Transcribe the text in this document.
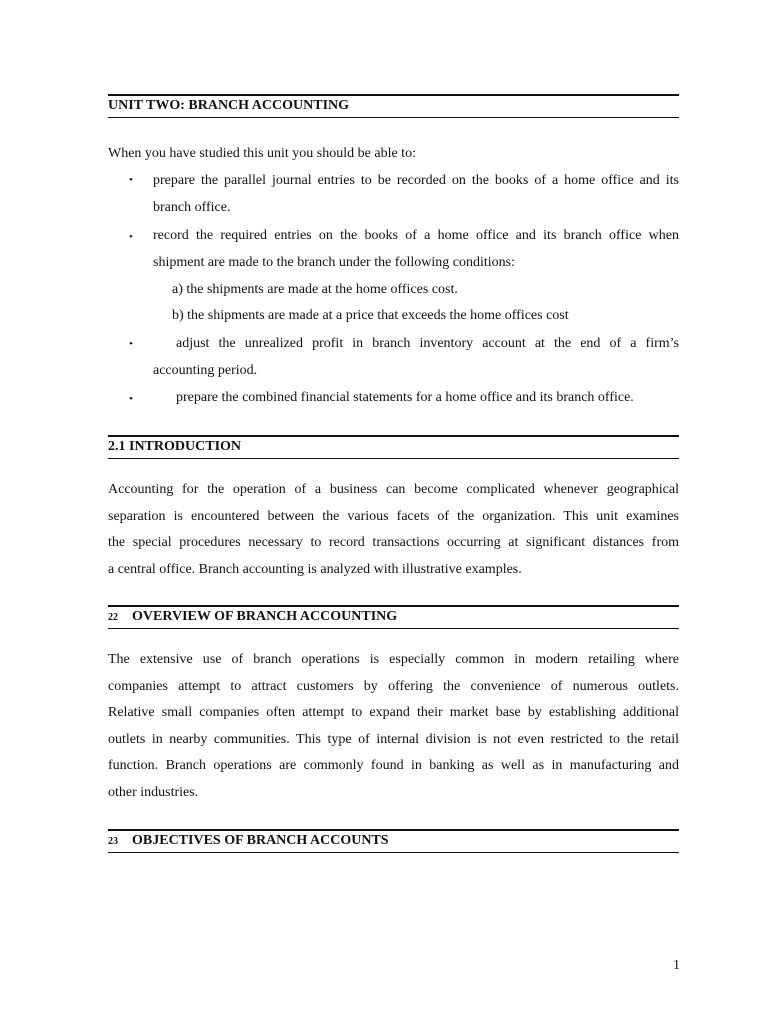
UNIT TWO: BRANCH ACCOUNTING
When you have studied this unit you should be able to:
• prepare the parallel journal entries to be recorded on the books of a home office and its
branch office.
• record the required entries on the books of a home office and its branch office when
shipment are made to the branch under the following conditions:
a) the shipments are made at the home offices cost.
b) the shipments are made at a price that exceeds the home offices cost
•	adjust the unrealized profit in branch inventory account at the end of a firm’s
accounting period.
•	prepare the combined financial statements for a home office and its branch office.
2.1 INTRODUCTION
Accounting for the operation of a business can become complicated whenever geographical
separation is encountered between the various facets of the organization. This unit examines
the special procedures necessary to record transactions occurring at significant distances from
a central office. Branch accounting is analyzed with illustrative examples.
22 OVERVIEW OF BRANCH ACCOUNTING
The extensive use of branch operations is especially common in modern retailing where
companies attempt to attract customers by offering the convenience of numerous outlets.
Relative small companies often attempt to expand their market base by establishing additional
outlets in nearby communities. This type of internal division is not even restricted to the retail
function. Branch operations are commonly found in banking as well as in manufacturing and
other industries.
23 OBJECTIVES OF BRANCH ACCOUNTS
1
